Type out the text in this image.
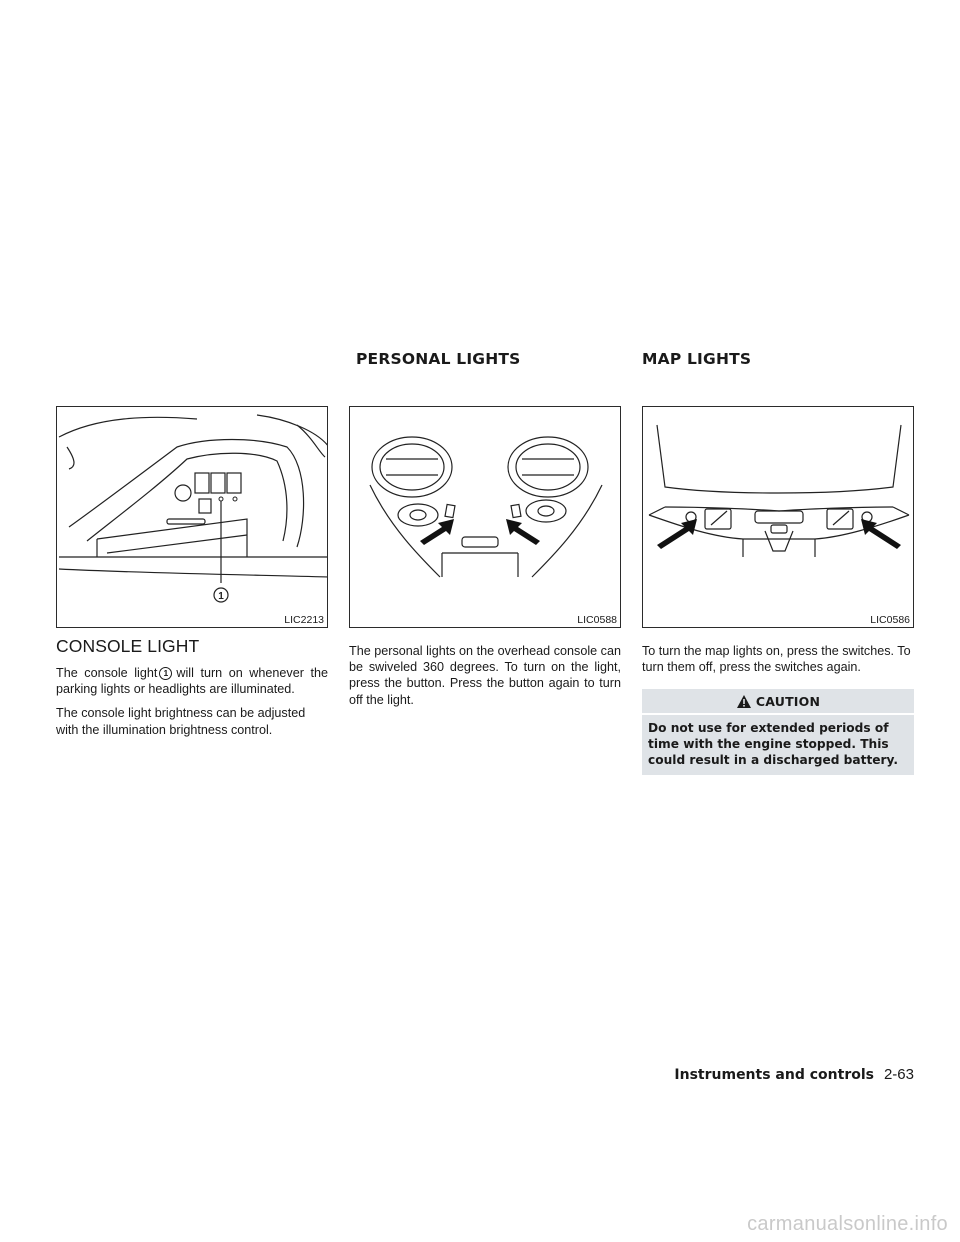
PERSONAL LIGHTS	MAP LIGHTS
1
LIC2213	LIC0588	LIC0586
CONSOLE LIGHT

The console light 1 will turn on whenever the parking lights or headlights are illuminated.

The console light brightness can be adjusted with the illumination brightness control.

The personal lights on the overhead console can be swiveled 360 degrees. To turn on the light, press the button. Press the button again to turn off the light.

To turn the map lights on, press the switches. To turn them off, press the switches again.

CAUTION
Do not use for extended periods of time with the engine stopped. This could result in a discharged battery.
Instruments and controls 2-63
carmanualsonline.info
